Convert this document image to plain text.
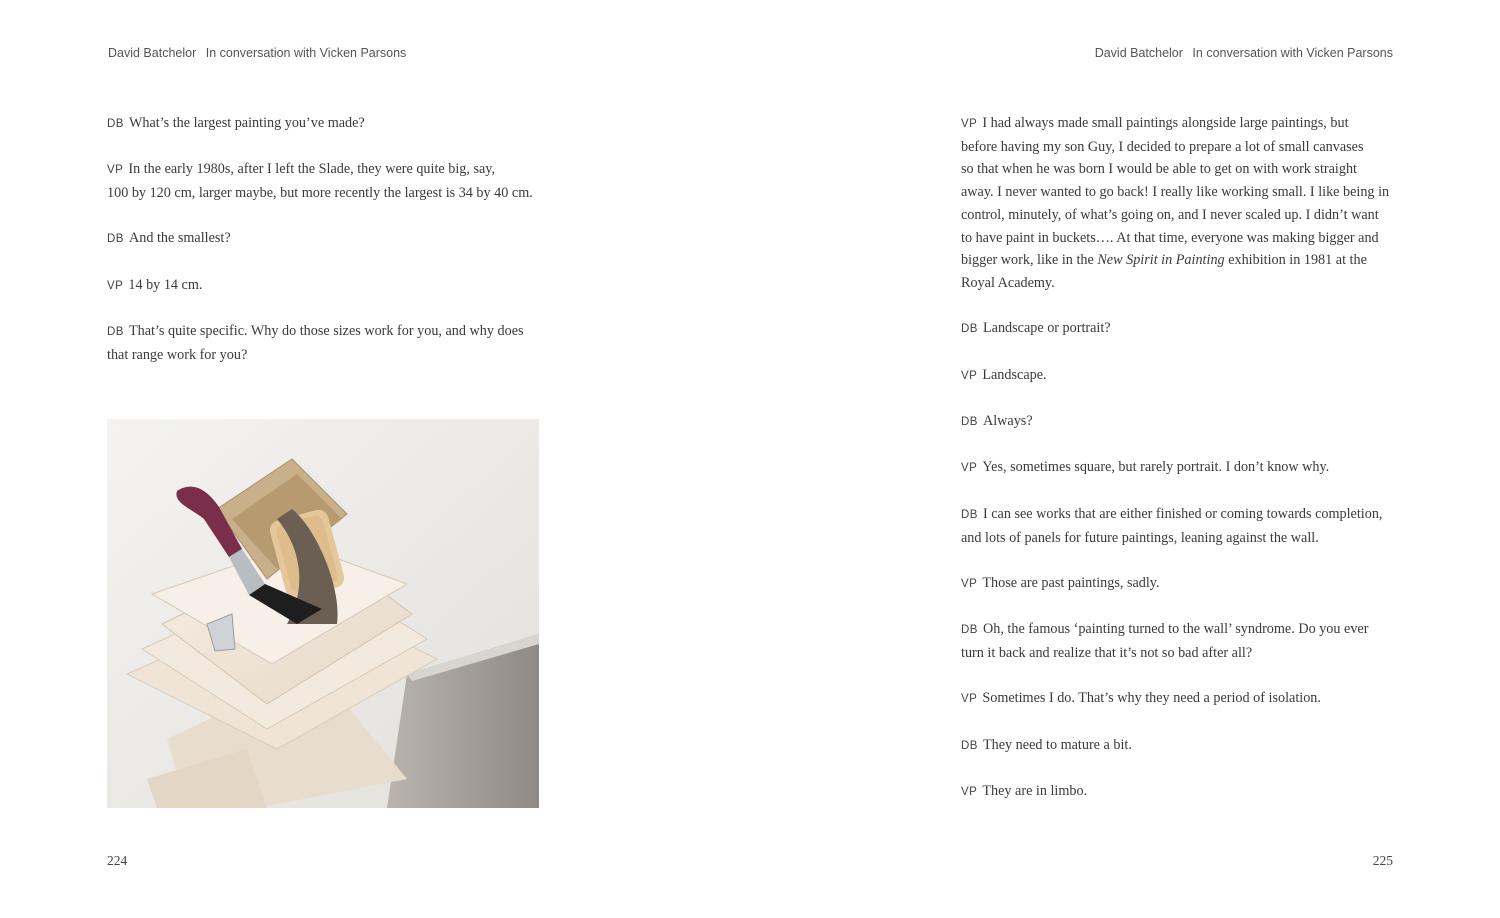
David Batchelor In conversation with Vicken Parsons

DB What’s the largest painting you’ve made?

VP In the early 1980s, after I left the Slade, they were quite big, say,
100 by 120 cm, larger maybe, but more recently the largest is 34 by 40 cm.

DB And the smallest?

VP 14 by 14 cm.

DB That’s quite specific. Why do those sizes work for you, and why does
that range work for you?

224
David Batchelor In conversation with Vicken Parsons

VP I had always made small paintings alongside large paintings, but
before having my son Guy, I decided to prepare a lot of small canvases
so that when he was born I would be able to get on with work straight
away. I never wanted to go back! I really like working small. I like being in
control, minutely, of what’s going on, and I never scaled up. I didn’t want
to have paint in buckets…. At that time, everyone was making bigger and
bigger work, like in the New Spirit in Painting exhibition in 1981 at the
Royal Academy.

DB Landscape or portrait?

VP Landscape.

DB Always?

VP Yes, sometimes square, but rarely portrait. I don’t know why.

DB I can see works that are either finished or coming towards completion,
and lots of panels for future paintings, leaning against the wall.

VP Those are past paintings, sadly.

DB Oh, the famous ‘painting turned to the wall’ syndrome. Do you ever
turn it back and realize that it’s not so bad after all?

VP Sometimes I do. That’s why they need a period of isolation.

DB They need to mature a bit.

VP They are in limbo.

225
